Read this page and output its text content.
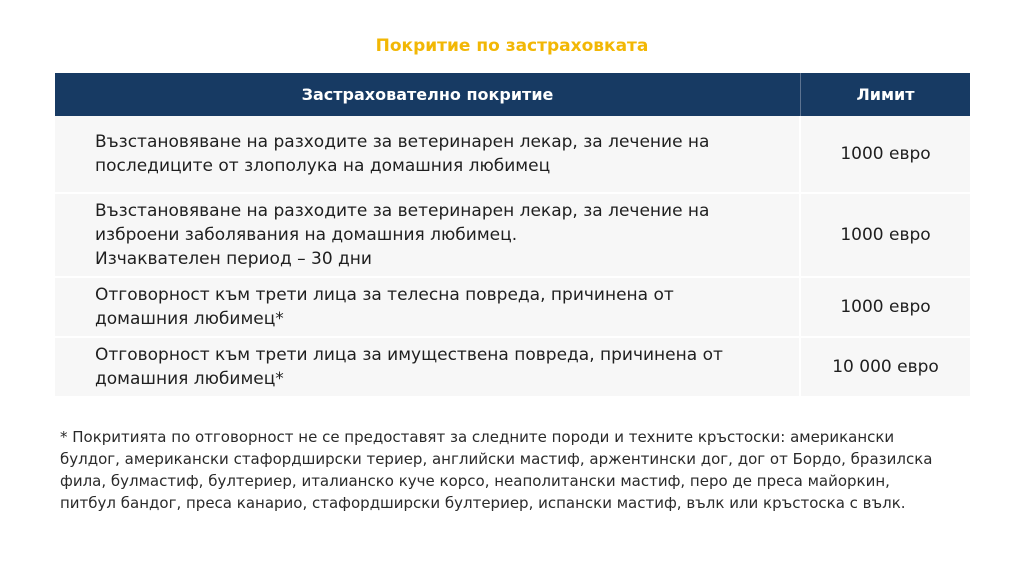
Покритие по застраховката
Застрахователно покритие	Лимит
Възстановяване на разходите за ветеринарен лекар, за лечение на
последиците от злополука на домашния любимец
1000 евро
Възстановяване на разходите за ветеринарен лекар, за лечение на
изброени заболявания на домашния любимец.
Изчаквателен период – 30 дни
1000 евро
Отговорност към трети лица за телесна повреда, причинена от
домашния любимец*
1000 евро
Отговорност към трети лица за имуществена повреда, причинена от
домашния любимец*
10 000 евро
* Покритията по отговорност не се предоставят за следните породи и техните кръстоски: американски булдог, американски стафордширски териер, английски мастиф, аржентински дог, дог от Бордо, бразилска фила, булмастиф, бултериер, италианско куче корсо, неаполитански мастиф, перо де преса майоркин, питбул бандог, преса канарио, стафордширски бултериер, испански мастиф, вълк или кръстоска с вълк.
